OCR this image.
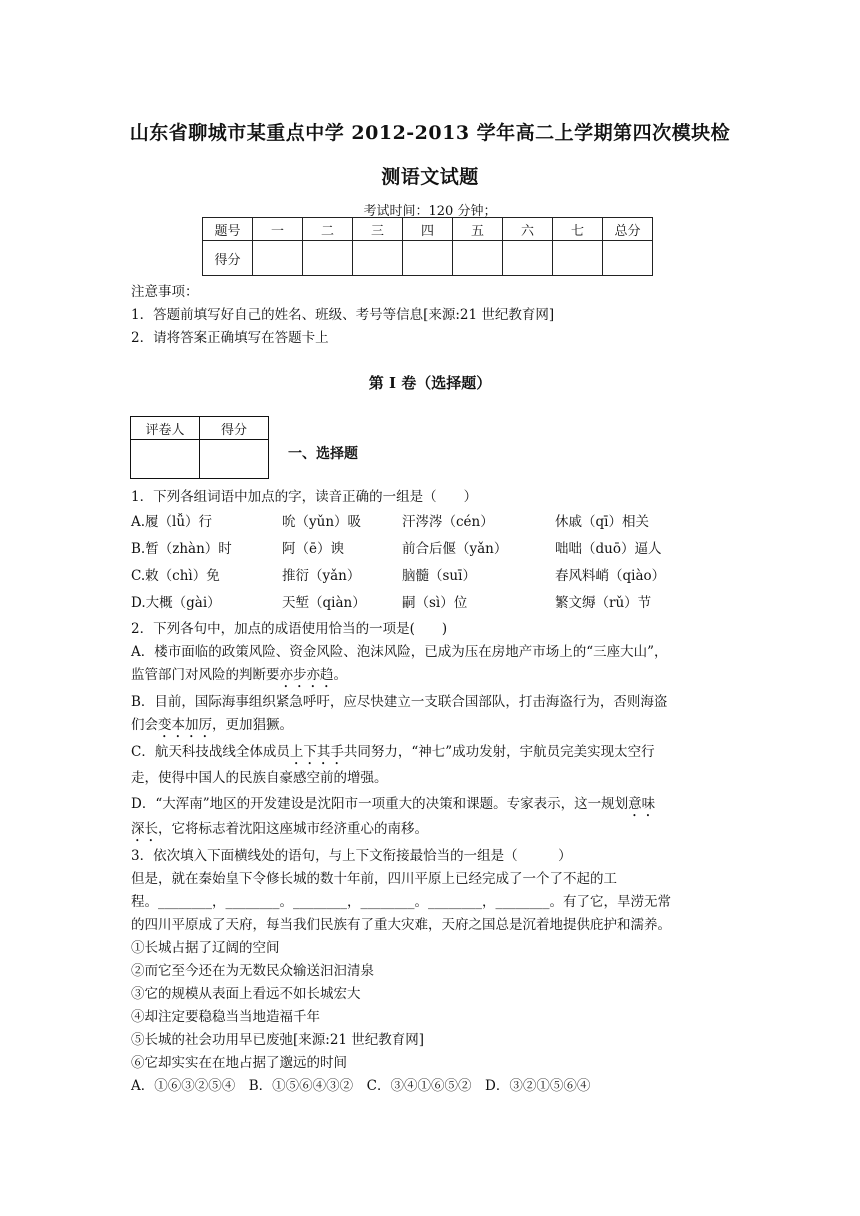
山东省聊城市某重点中学 2012-2013 学年高二上学期第四次模块检
测语文试题
考试时间：120 分钟；
题号	一	二	三	四	五	六	七	总分
得分								
注意事项：
1．答题前填写好自己的姓名、班级、考号等信息[来源:21 世纪教育网]
2．请将答案正确填写在答题卡上
第 I 卷（选择题）
评卷人	得分

一、选择题
1．下列各组词语中加点的字，读音正确的一组是（　　）
A.履（lǚ）行	吮（yǔn）吸	汗涔涔（cén）	休戚（qī）相关
B.暂（zhàn）时	阿（ē）谀	前合后偃（yǎn）	咄咄（duō）逼人
C.敕（chì）免	推衍（yǎn）	脑髓（suī）	春风料峭（qiào）
D.大概（gài）	天堑（qiàn）	嗣（sì）位	繁文缛（rǔ）节
2．下列各句中，加点的成语使用恰当的一项是(　　)
A．楼市面临的政策风险、资金风险、泡沫风险，已成为压在房地产市场上的“三座大山”，
监管部门对风险的判断要亦步亦趋。
B．目前，国际海事组织紧急呼吁，应尽快建立一支联合国部队，打击海盗行为，否则海盗
们会变本加厉，更加猖獗。
C．航天科技战线全体成员上下其手共同努力，“神七”成功发射，宇航员完美实现太空行
走，使得中国人的民族自豪感空前的增强。
D．“大浑南”地区的开发建设是沈阳市一项重大的决策和课题。专家表示，这一规划意味
深长，它将标志着沈阳这座城市经济重心的南移。
3．依次填入下面横线处的语句，与上下文衔接最恰当的一组是（　　　）
但是，就在秦始皇下令修长城的数十年前，四川平原上已经完成了一个了不起的工
程。________，________。________，________。________，________。有了它，旱涝无常
的四川平原成了天府，每当我们民族有了重大灾难，天府之国总是沉着地提供庇护和濡养。
①长城占据了辽阔的空间
②而它至今还在为无数民众输送汩汩清泉
③它的规模从表面上看远不如长城宏大
④却注定要稳稳当当地造福千年
⑤长城的社会功用早已废弛[来源:21 世纪教育网]
⑥它却实实在在地占据了邈远的时间
A．①⑥③②⑤④　B．①⑤⑥④③②　C．③④①⑥⑤②　D．③②①⑤⑥④
